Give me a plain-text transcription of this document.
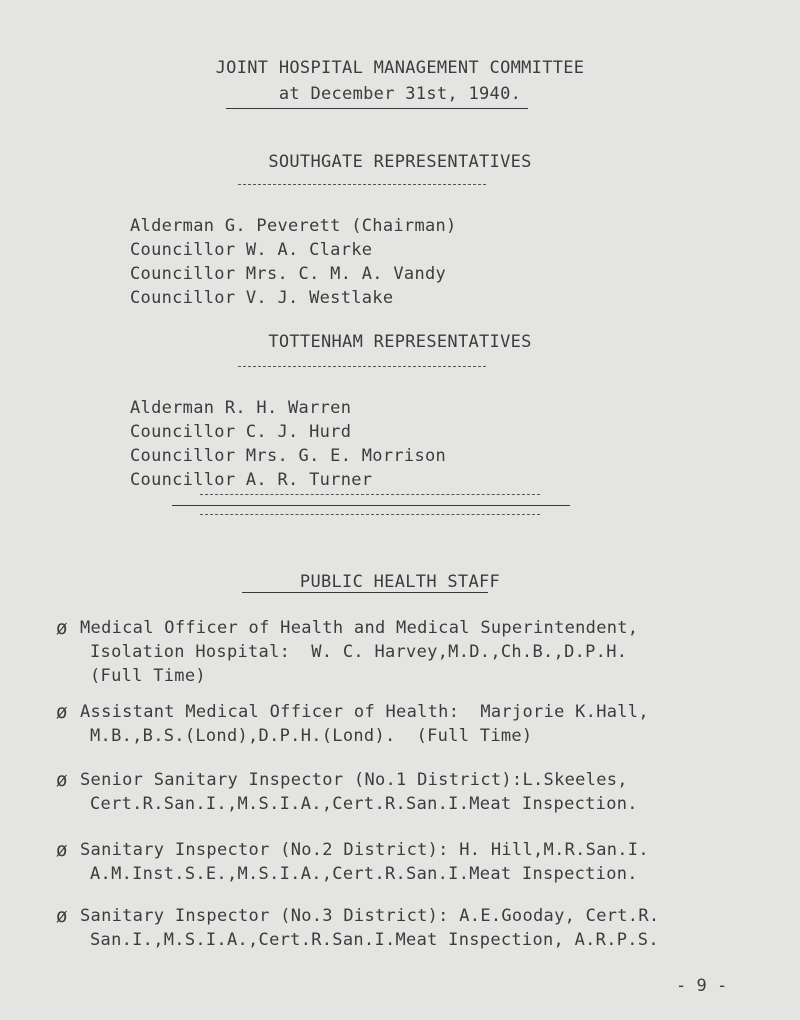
JOINT HOSPITAL MANAGEMENT COMMITTEE
at December 31st, 1940.
SOUTHGATE REPRESENTATIVES
Alderman G. Peverett (Chairman)
Councillor W. A. Clarke
Councillor Mrs. C. M. A. Vandy
Councillor V. J. Westlake
TOTTENHAM REPRESENTATIVES
Alderman R. H. Warren
Councillor C. J. Hurd
Councillor Mrs. G. E. Morrison
Councillor A. R. Turner
PUBLIC HEALTH STAFF
ø Medical Officer of Health and Medical Superintendent,
Isolation Hospital:  W. C. Harvey,M.D.,Ch.B.,D.P.H.
(Full Time)
ø Assistant Medical Officer of Health:  Marjorie K.Hall,
M.B.,B.S.(Lond),D.P.H.(Lond).  (Full Time)
ø Senior Sanitary Inspector (No.1 District):L.Skeeles,
Cert.R.San.I.,M.S.I.A.,Cert.R.San.I.Meat Inspection.
ø Sanitary Inspector (No.2 District): H. Hill,M.R.San.I.
A.M.Inst.S.E.,M.S.I.A.,Cert.R.San.I.Meat Inspection.
ø Sanitary Inspector (No.3 District): A.E.Gooday, Cert.R.
San.I.,M.S.I.A.,Cert.R.San.I.Meat Inspection, A.R.P.S.
- 9 -
